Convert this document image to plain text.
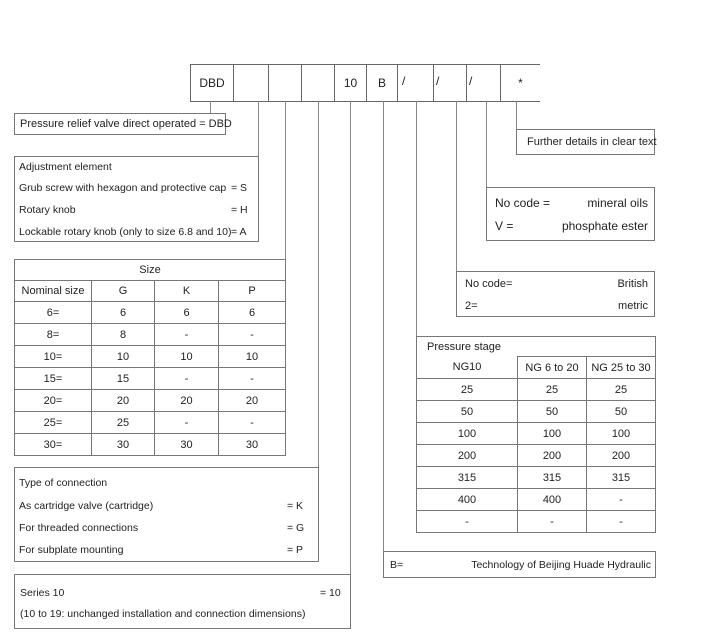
DBD	10	B	*
/	/ /
Pressure relief valve direct operated = DBD
Further details in clear text
No code =	mineral oils
V =	phosphate ester
No code=	British
2=	metric
Adjustment element
Grub screw with hexagon and protective cap = S
Rotary knob	= H
Lockable rotary knob (only to size 6.8 and 10) = A
Size			
Nominal size	G	K	P
6=	6	6	6
8=	8	-	-
10=	10	10	10
15=	15	-	-
20=	20	20	20
25=	25	-	-
30=	30	30	30
Pressure stage		
NG10	NG 6 to 20	NG 25 to 30
25	25	25
50	50	50
100	100	100
200	200	200
315	315	315
400	400	-
-	-	-
Type of connection
As cartridge valve (cartridge)	= K
For threaded connections	= G
For subplate mounting	= P
B=	Technology of Beijing Huade Hydraulic
Series 10	= 10
(10 to 19: unchanged installation and connection dimensions)
